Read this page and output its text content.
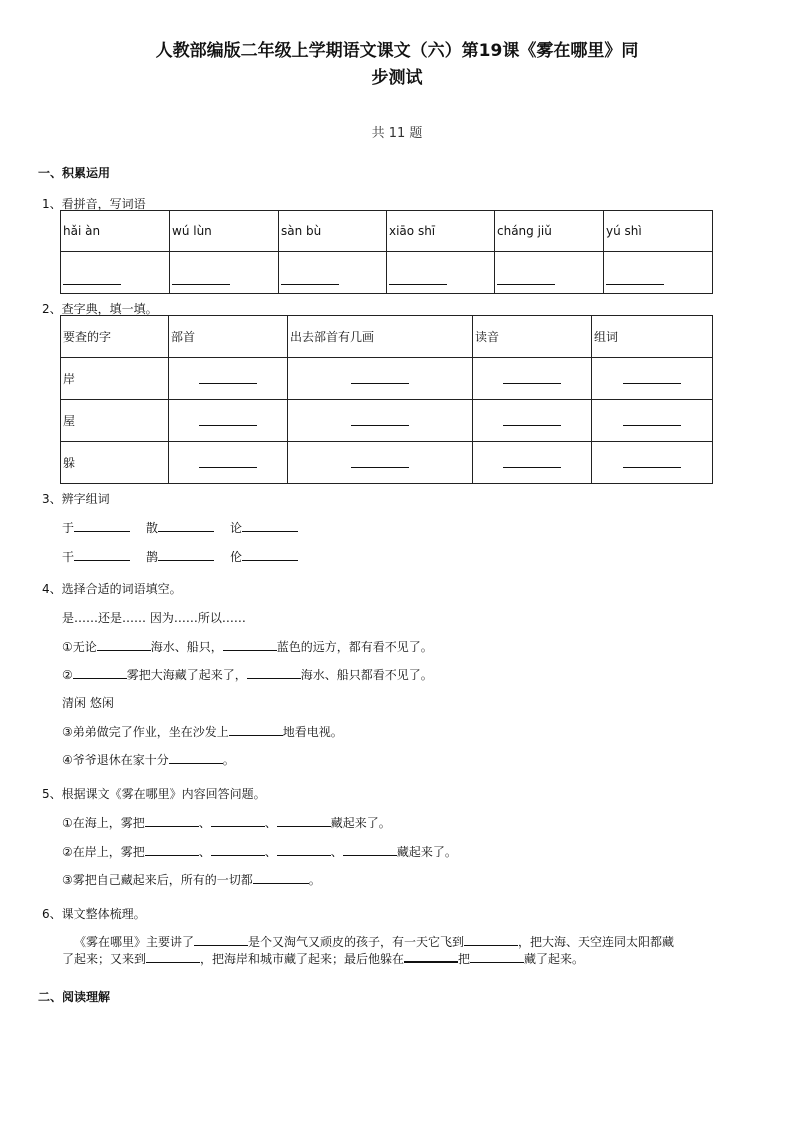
人教部编版二年级上学期语文课文（六）第19课《雾在哪里》同
步测试
共 11 题
一、积累运用
1、看拼音，写词语
hǎi àn	wú lùn	sàn bù	xiāo shī	cháng jiǔ	yú shì

2、查字典，填一填。
要查的字	部首	出去部首有几画	读音	组词
岸				
屋				
躲				
3、辨字组词
于	散	论
干	鹊	伦
4、选择合适的词语填空。
是……还是…… 因为……所以……
①无论	海水、船只，	蓝色的远方，都有看不见了。
②	雾把大海藏了起来了，	海水、船只都看不见了。
清闲 悠闲
③弟弟做完了作业，坐在沙发上	地看电视。
④爷爷退休在家十分	。
5、根据课文《雾在哪里》内容回答问题。
①在海上，雾把	、	、	藏起来了。
②在岸上，雾把	、	、	、	藏起来了。
③雾把自己藏起来后，所有的一切都	。
6、课文整体梳理。
《雾在哪里》主要讲了	是个又淘气又顽皮的孩子，有一天它飞到	，把大海、天空连同太阳都藏
了起来；又来到	，把海岸和城市藏了起来；最后他躲在	把	藏了起来。
二、阅读理解
